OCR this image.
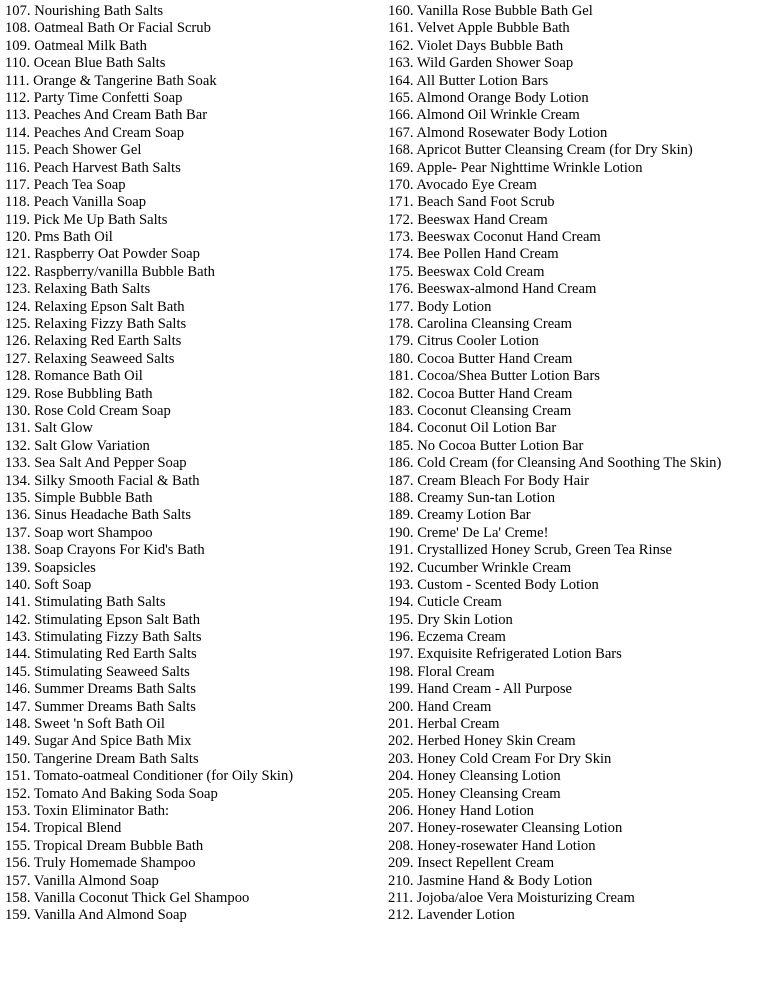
107. Nourishing Bath Salts
108. Oatmeal Bath Or Facial Scrub
109. Oatmeal Milk Bath
110. Ocean Blue Bath Salts
111. Orange & Tangerine Bath Soak
112. Party Time Confetti Soap
113. Peaches And Cream Bath Bar
114. Peaches And Cream Soap
115. Peach Shower Gel
116. Peach Harvest Bath Salts
117. Peach Tea Soap
118. Peach Vanilla Soap
119. Pick Me Up Bath Salts
120. Pms Bath Oil
121. Raspberry Oat Powder Soap
122. Raspberry/vanilla Bubble Bath
123. Relaxing Bath Salts
124. Relaxing Epson Salt Bath
125. Relaxing Fizzy Bath Salts
126. Relaxing Red Earth Salts
127. Relaxing Seaweed Salts
128. Romance Bath Oil
129. Rose Bubbling Bath
130. Rose Cold Cream Soap
131. Salt Glow
132. Salt Glow Variation
133. Sea Salt And Pepper Soap
134. Silky Smooth Facial & Bath
135. Simple Bubble Bath
136. Sinus Headache Bath Salts
137. Soap wort Shampoo
138. Soap Crayons For Kid's Bath
139. Soapsicles
140. Soft Soap
141. Stimulating Bath Salts
142. Stimulating Epson Salt Bath
143. Stimulating Fizzy Bath Salts
144. Stimulating Red Earth Salts
145. Stimulating Seaweed Salts
146. Summer Dreams Bath Salts
147. Summer Dreams Bath Salts
148. Sweet 'n Soft Bath Oil
149. Sugar And Spice Bath Mix
150. Tangerine Dream Bath Salts
151. Tomato-oatmeal Conditioner (for Oily Skin)
152. Tomato And Baking Soda Soap
153. Toxin Eliminator Bath:
154. Tropical Blend
155. Tropical Dream Bubble Bath
156. Truly Homemade Shampoo
157. Vanilla Almond Soap
158. Vanilla Coconut Thick Gel Shampoo
159. Vanilla And Almond Soap
160. Vanilla Rose Bubble Bath Gel
161. Velvet Apple Bubble Bath
162. Violet Days Bubble Bath
163. Wild Garden Shower Soap
164. All Butter Lotion Bars
165. Almond Orange Body Lotion
166. Almond Oil Wrinkle Cream
167. Almond Rosewater Body Lotion
168. Apricot Butter Cleansing Cream (for Dry Skin)
169. Apple- Pear Nighttime Wrinkle Lotion
170. Avocado Eye Cream
171. Beach Sand Foot Scrub
172. Beeswax Hand Cream
173. Beeswax Coconut Hand Cream
174. Bee Pollen Hand Cream
175. Beeswax Cold Cream
176. Beeswax-almond Hand Cream
177. Body Lotion
178. Carolina Cleansing Cream
179. Citrus Cooler Lotion
180. Cocoa Butter Hand Cream
181. Cocoa/Shea Butter Lotion Bars
182. Cocoa Butter Hand Cream
183. Coconut Cleansing Cream
184. Coconut Oil Lotion Bar
185. No Cocoa Butter Lotion Bar
186. Cold Cream (for Cleansing And Soothing The Skin)
187. Cream Bleach For Body Hair
188. Creamy Sun-tan Lotion
189. Creamy Lotion Bar
190. Creme' De La' Creme!
191. Crystallized Honey Scrub, Green Tea Rinse
192. Cucumber Wrinkle Cream
193. Custom - Scented Body Lotion
194. Cuticle Cream
195. Dry Skin Lotion
196. Eczema Cream
197. Exquisite Refrigerated Lotion Bars
198. Floral Cream
199. Hand Cream - All Purpose
200. Hand Cream
201. Herbal Cream
202. Herbed Honey Skin Cream
203. Honey Cold Cream For Dry Skin
204. Honey Cleansing Lotion
205. Honey Cleansing Cream
206. Honey Hand Lotion
207. Honey-rosewater Cleansing Lotion
208. Honey-rosewater Hand Lotion
209. Insect Repellent Cream
210. Jasmine Hand & Body Lotion
211. Jojoba/aloe Vera Moisturizing Cream
212. Lavender Lotion
